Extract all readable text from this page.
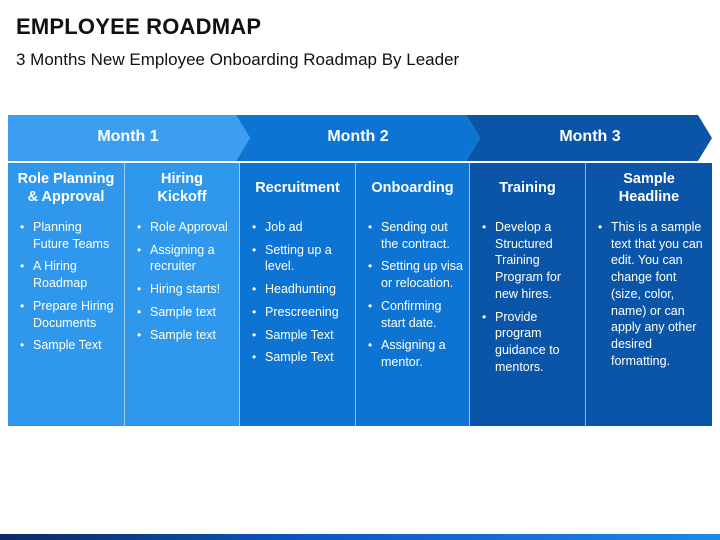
EMPLOYEE ROADMAP
3 Months New Employee Onboarding Roadmap By Leader
Month 1	Month 2	Month 3
Role Planning
& Approval
• Planning Future Teams
• A Hiring Roadmap
• Prepare Hiring Documents
• Sample Text
Hiring
Kickoff
• Role Approval
• Assigning a recruiter
• Hiring starts!
• Sample text
• Sample text
Recruitment
• Job ad
• Setting up a level.
• Headhunting
• Prescreening
• Sample Text
• Sample Text
Onboarding
• Sending out the contract.
• Setting up visa or relocation.
• Confirming start date.
• Assigning a mentor.
Training
• Develop a Structured Training Program for new hires.
• Provide program guidance to mentors.
Sample
Headline
• This is a sample text that you can edit. You can change font (size, color, name) or can apply any other desired formatting.
